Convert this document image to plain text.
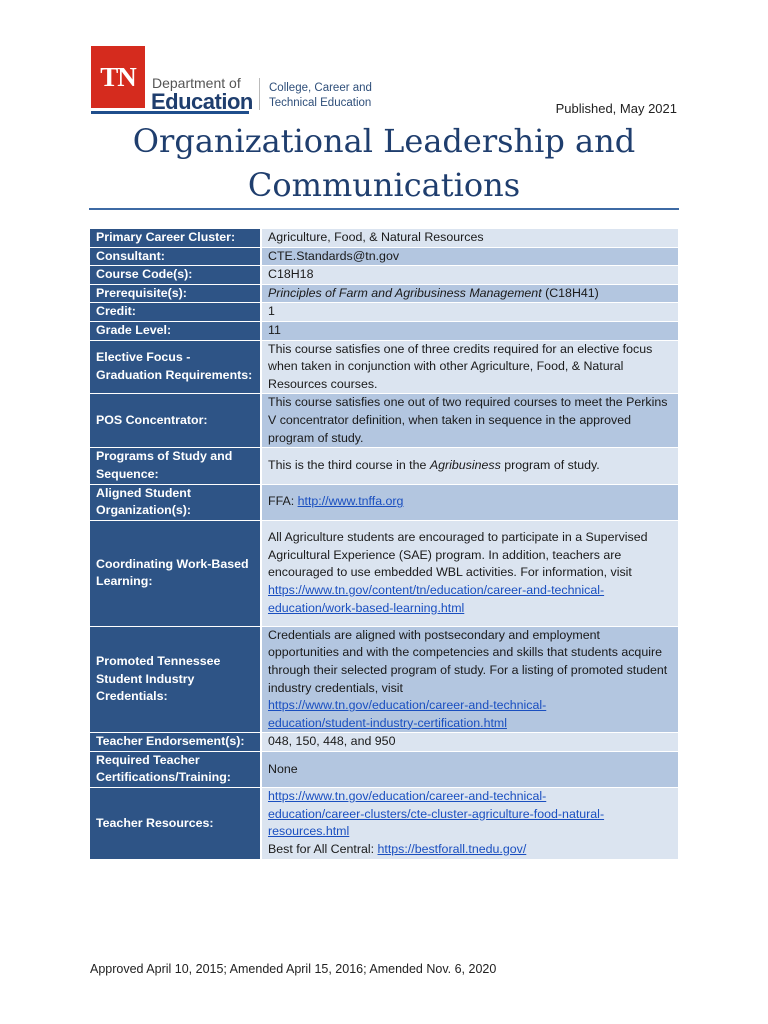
TN	Department of
Education
College, Career and
Technical Education	Published, May 2021
Organizational Leadership and
Communications
Primary Career Cluster:	Agriculture, Food, & Natural Resources
Consultant:	CTE.Standards@tn.gov
Course Code(s):	C18H18
Prerequisite(s):	Principles of Farm and Agribusiness Management (C18H41)
Credit:	1
Grade Level:	11
Elective Focus - Graduation Requirements:	This course satisfies one of three credits required for an elective focus when taken in conjunction with other Agriculture, Food, & Natural Resources courses.
POS Concentrator:	This course satisfies one out of two required courses to meet the Perkins V concentrator definition, when taken in sequence in the approved program of study.
Programs of Study and Sequence:	This is the third course in the Agribusiness program of study.
Aligned Student Organization(s):	FFA: http://www.tnffa.org
Coordinating Work-Based Learning:	All Agriculture students are encouraged to participate in a Supervised Agricultural Experience (SAE) program. In addition, teachers are encouraged to use embedded WBL activities. For information, visit
https://www.tn.gov/content/tn/education/career-and-technical-
education/work-based-learning.html
Promoted Tennessee Student Industry Credentials:	Credentials are aligned with postsecondary and employment opportunities and with the competencies and skills that students acquire through their selected program of study. For a listing of promoted student industry credentials, visit
https://www.tn.gov/education/career-and-technical-
education/student-industry-certification.html
Teacher Endorsement(s):	048, 150, 448, and 950
Required Teacher Certifications/Training:	None
Teacher Resources:	https://www.tn.gov/education/career-and-technical-
education/career-clusters/cte-cluster-agriculture-food-natural-
resources.html
Best for All Central: https://bestforall.tnedu.gov/
Approved April 10, 2015; Amended April 15, 2016; Amended Nov. 6, 2020
